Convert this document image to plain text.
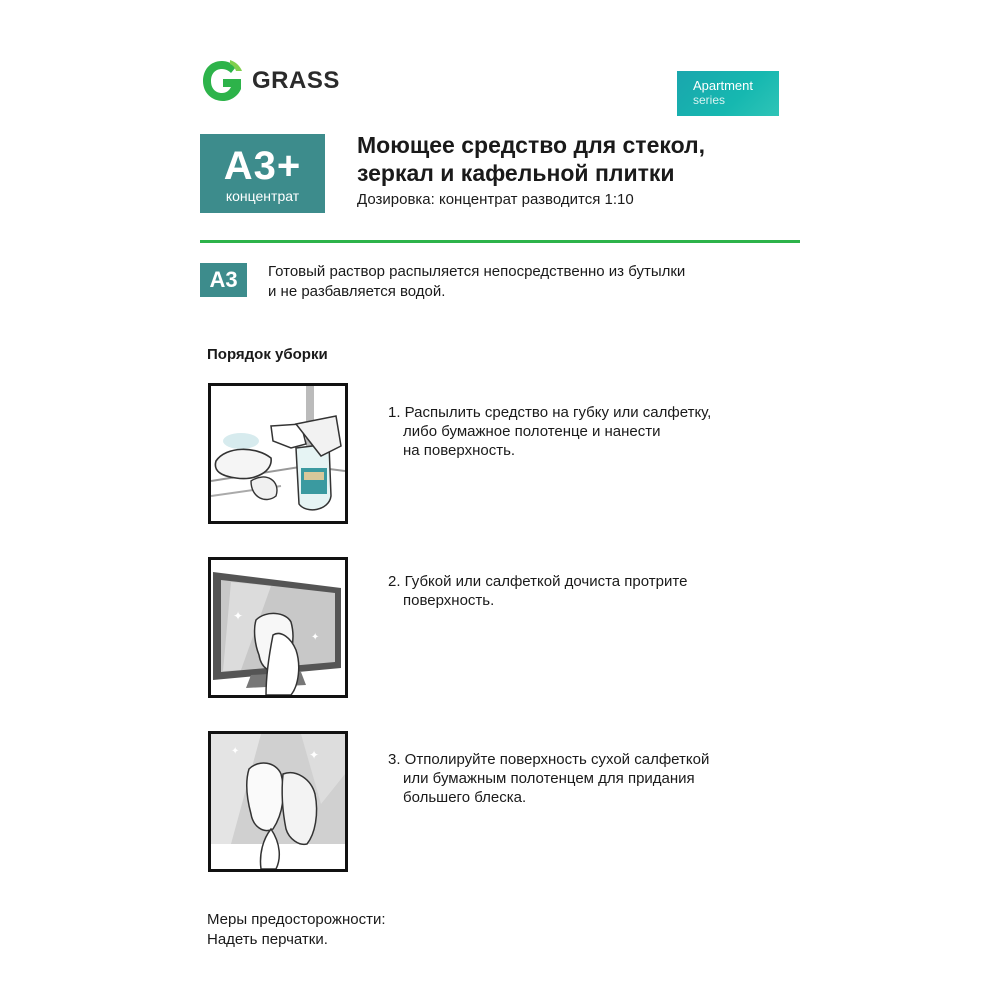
GRASS	Apartment
series
A3+
концентрат
Моющее средство для стекол,
зеркал и кафельной плитки
Дозировка: концентрат разводится 1:10
A3	Готовый раствор распыляется непосредственно из бутылки
и не разбавляется водой.
Порядок уборки
1. Распылить средство на губку или салфетку,
либо бумажное полотенце и нанести
на поверхность.
✦
✦
2. Губкой или салфеткой дочиста протрите
поверхность.
✦
✦	3. Отполируйте поверхность сухой салфеткой
или бумажным полотенцем для придания
большего блеска.
Меры предосторожности:
Надеть перчатки.
